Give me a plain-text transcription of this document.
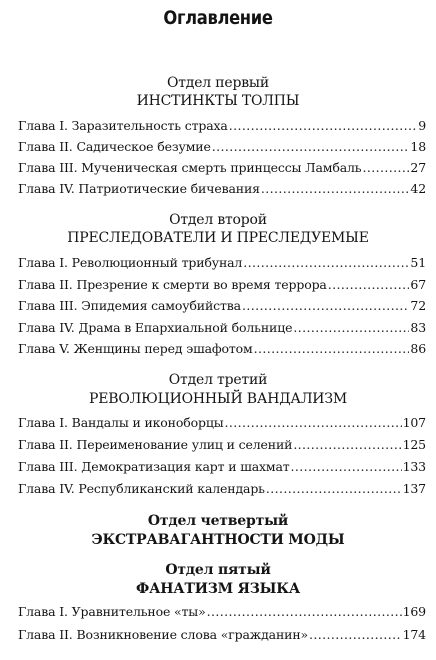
Оглавление
Отдел первый
ИНСТИНКТЫ ТОЛПЫ
Глава I. Заразительность страха .....	9
Глава II. Садическое безумие .....	18
Глава III. Мученическая смерть принцессы Ламбаль .....	27
Глава IV. Патриотические бичевания .....	42
Отдел второй
ПРЕСЛЕДОВАТЕЛИ И ПРЕСЛЕДУЕМЫЕ
Глава I. Революционный трибунал .....	51
Глава II. Презрение к смерти во время террора .....	67
Глава III. Эпидемия самоубийства .....	72
Глава IV. Драма в Епархиальной больнице .....	83
Глава V. Женщины перед эшафотом .....	86
Отдел третий
РЕВОЛЮЦИОННЫЙ ВАНДАЛИЗМ
Глава I. Вандалы и иконоборцы .....	107
Глава II. Переименование улиц и селений .....	125
Глава III. Демократизация карт и шахмат .....	133
Глава IV. Республиканский календарь .....	137
Отдел четвертый
ЭКСТРАВАГАНТНОСТИ МОДЫ
Отдел пятый
ФАНАТИЗМ ЯЗЫКА
Глава I. Уравнительное «ты» .....	169
Глава II. Возникновение слова «гражданин» .....	174
